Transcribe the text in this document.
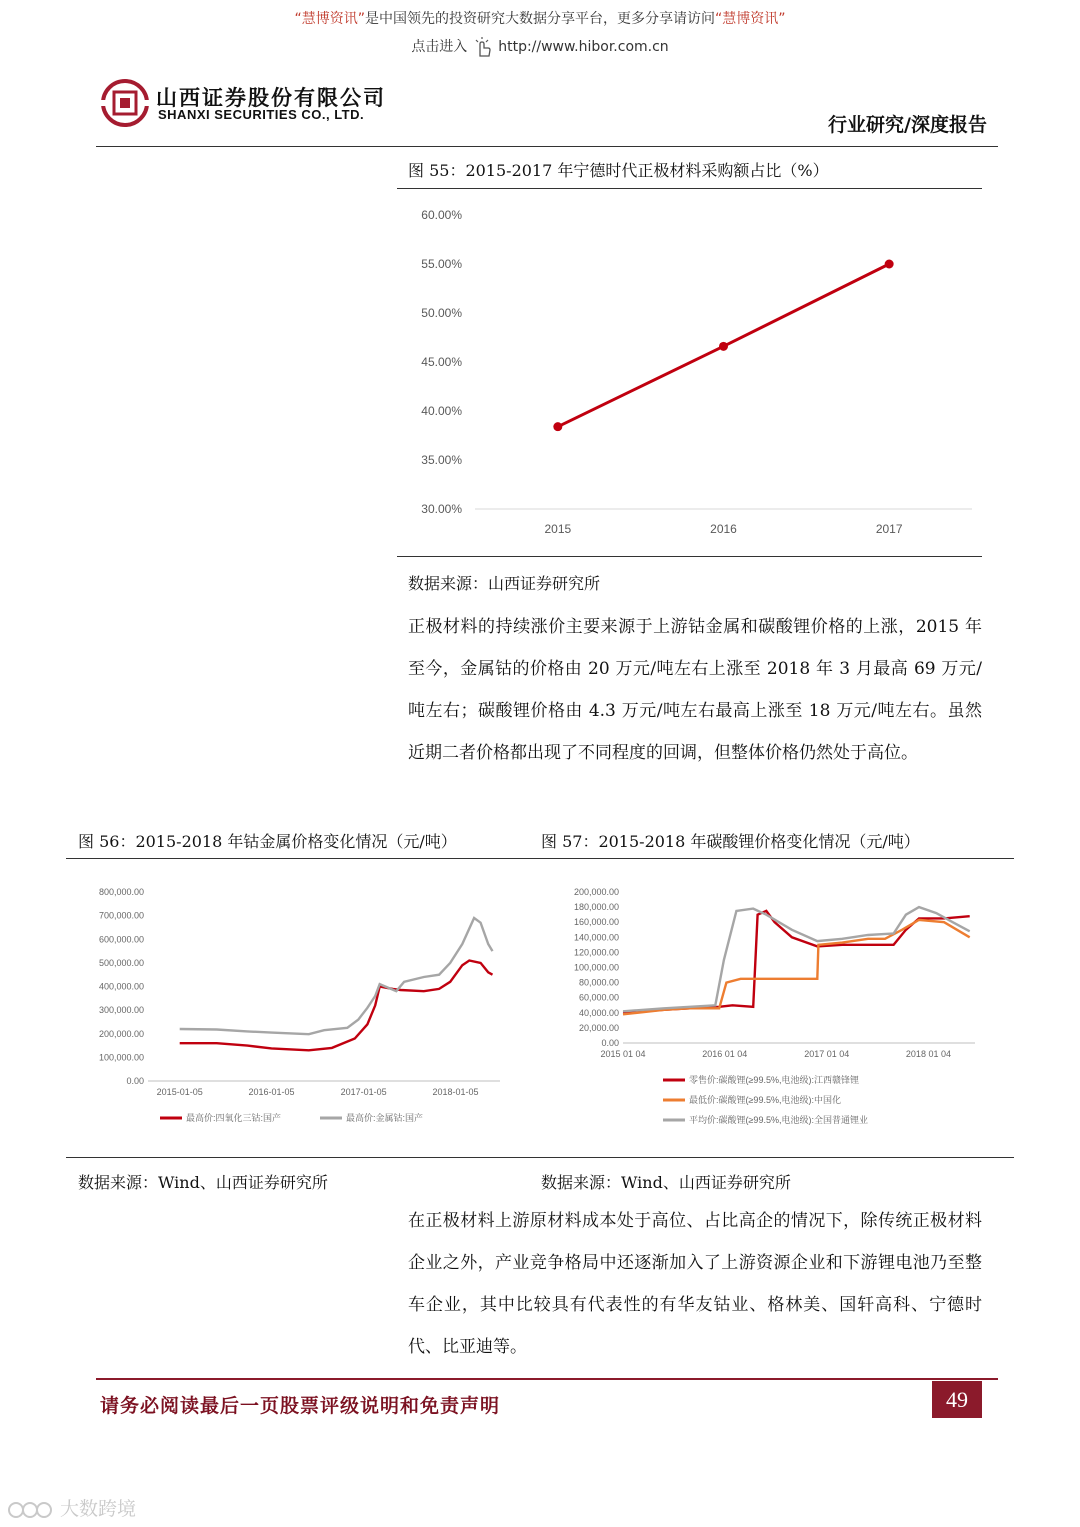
“慧博资讯”是中国领先的投资研究大数据分享平台，更多分享请访问“慧博资讯”
点击进入 http://www.hibor.com.cn
山西证券股份有限公司
SHANXI SECURITIES CO., LTD.	行业研究/深度报告
图 55：2015-2017 年宁德时代正极材料采购额占比（%）
30.00%
35.00%
40.00%
45.00%
50.00%
55.00%
60.00%
2015	2016	2017
数据来源：山西证券研究所
正极材料的持续涨价主要来源于上游钴金属和碳酸锂价格的上涨，2015 年至今，金属钴的价格由 20 万元/吨左右上涨至 2018 年 3 月最高 69 万元/吨左右；碳酸锂价格由 4.3 万元/吨左右最高上涨至 18 万元/吨左右。虽然近期二者价格都出现了不同程度的回调，但整体价格仍然处于高位。
图 56：2015-2018 年钴金属价格变化情况（元/吨）	图 57：2015-2018 年碳酸锂价格变化情况（元/吨）
0.00
100,000.00
200,000.00
300,000.00
400,000.00
500,000.00
600,000.00
700,000.00
800,000.00
2015-01-05	2016-01-05	2017-01-05	2018-01-05
最高价:四氧化三钴:国产	最高价:金属钴:国产
0.00
20,000.00
40,000.00
60,000.00
80,000.00
100,000.00
120,000.00
140,000.00
160,000.00
180,000.00
200,000.00
2015 01 04	2016 01 04	2017 01 04	2018 01 04
零售价:碳酸锂(≥99.5%,电池级):江西赣锋锂
最低价:碳酸锂(≥99.5%,电池级):中国化
平均价:碳酸锂(≥99.5%,电池级):全国普通锂业
数据来源：Wind、山西证券研究所	数据来源：Wind、山西证券研究所
在正极材料上游原材料成本处于高位、占比高企的情况下，除传统正极材料企业之外，产业竞争格局中还逐渐加入了上游资源企业和下游锂电池乃至整车企业，其中比较具有代表性的有华友钴业、格林美、国轩高科、宁德时代、比亚迪等。
请务必阅读最后一页股票评级说明和免责声明	49
大数跨境
